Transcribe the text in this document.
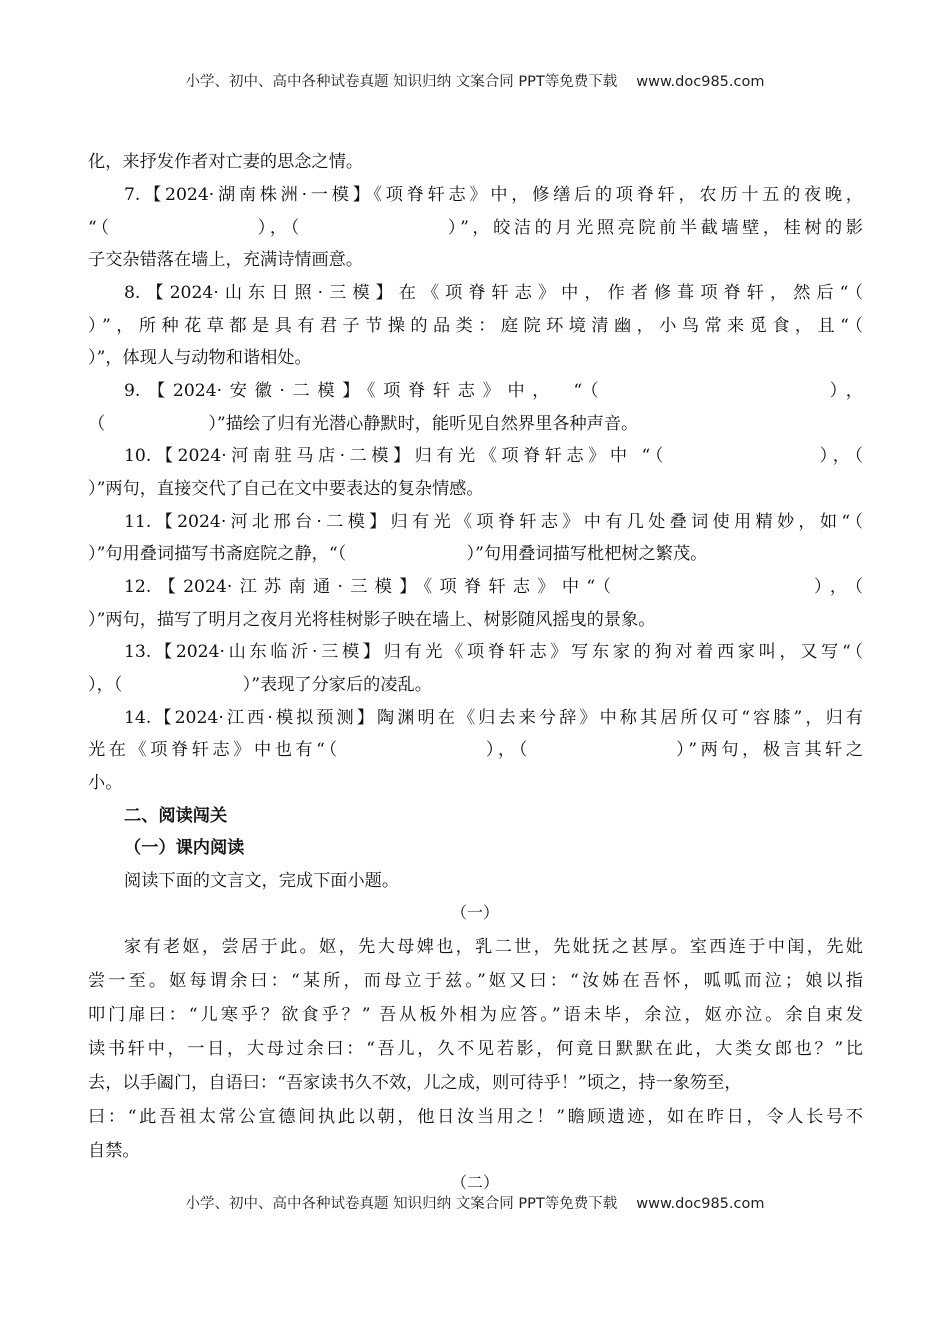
小学、初中、高中各种试卷真题 知识归纳 文案合同 PPT等免费下载　 www.doc985.com
化，来抒发作者对亡妻的思念之情。
7.【2024·湖南株洲·一模】《项脊轩志》中，修缮后的项脊轩，农历十五的夜晚，
“（　　　　　　　），（　　　　　　　）”，皎洁的月光照亮院前半截墙壁，桂树的影
子交杂错落在墙上，充满诗情画意。
8.【2024·山东日照·三模】在《项脊轩志》中，作者修葺项脊轩，然后“（
）”，所种花草都是具有君子节操的品类：庭院环境清幽，小鸟常来觅食，且“（
）”，体现人与动物和谐相处。
9.【2024·安徽·二模】《项脊轩志》中，　“（　　　　　　　　　），
（　　　　　　）”描绘了归有光潜心静默时，能听见自然界里各种声音。
10.【2024·河南驻马店·二模】归有光《项脊轩志》中 “（　　　　　　　），（
）”两句，直接交代了自己在文中要表达的复杂情感。
11.【2024·河北邢台·二模】归有光《项脊轩志》中有几处叠词使用精妙，如“（
）”句用叠词描写书斋庭院之静，“（　　　　　　　）”句用叠词描写枇杷树之繁茂。
12.【2024·江苏南通·三模】《项脊轩志》中“（　　　　　　　　），（
）”两句，描写了明月之夜月光将桂树影子映在墙上、树影随风摇曳的景象。
13.【2024·山东临沂·三模】归有光《项脊轩志》写东家的狗对着西家叫，又写“（
），（　　　　　　　）”表现了分家后的凌乱。
14.【2024·江西·模拟预测】陶渊明在《归去来兮辞》中称其居所仅可“容膝”，归有
光在《项脊轩志》中也有“（　　　　　　　），（　　　　　　　）”两句，极言其轩之
小。
二、阅读闯关
（一）课内阅读
阅读下面的文言文，完成下面小题。
（一）
家有老妪，尝居于此。妪，先大母婢也，乳二世，先妣抚之甚厚。室西连于中闺，先妣
尝一至。妪每谓余曰：“某所，而母立于兹。”妪又曰：“汝姊在吾怀，呱呱而泣；娘以指
叩门扉曰：“儿寒乎？欲食乎？” 吾从板外相为应答。”语未毕，余泣，妪亦泣。余自束发
读书轩中，一日，大母过余曰：“吾儿，久不见若影，何竟日默默在此，大类女郎也？”比
去，以手阖门，自语曰：“吾家读书久不效，儿之成，则可待乎！”顷之，持一象笏至，
曰：“此吾祖太常公宣德间执此以朝，他日汝当用之！”瞻顾遗迹，如在昨日，令人长号不
自禁。
（二）
小学、初中、高中各种试卷真题 知识归纳 文案合同 PPT等免费下载　 www.doc985.com
